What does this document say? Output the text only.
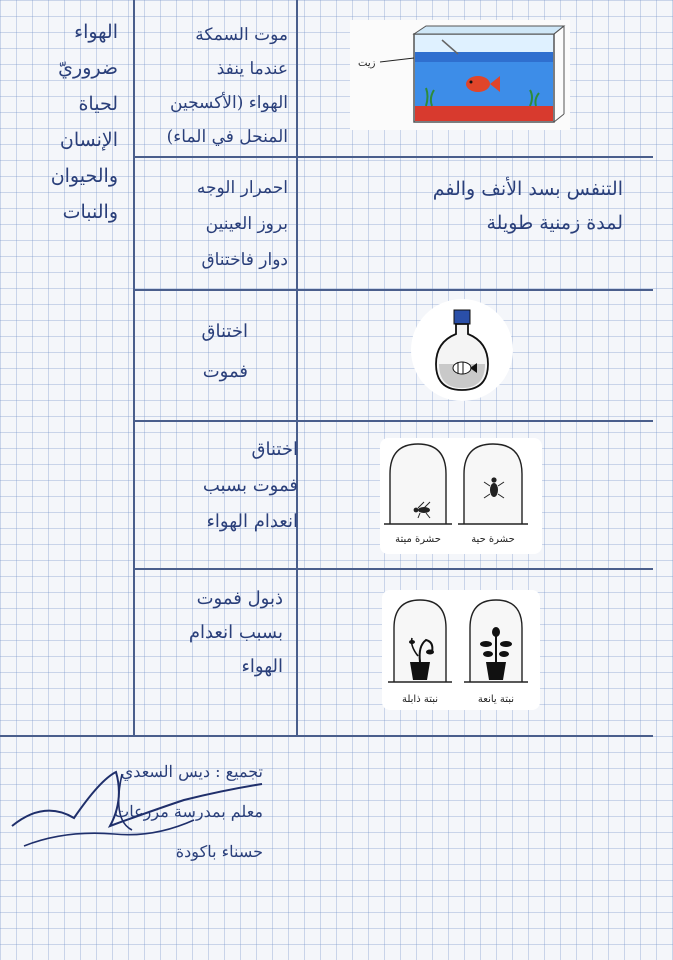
الهواء
ضروريّ
لحياة
الإنسان
والحيوان
والنبات
موت السمكة
عندما ينفذ
الهواء (الأكسجين
المنحل في الماء)
زيت
احمرار الوجه
بروز العينين
دوار فاختناق
التنفس بسد الأنف والفم
لمدة زمنية طويلة
اختناق
فموت
اختناق
فموت بسبب
انعدام الهواء
حشرة ميتة	حشرة حية
ذبول فموت
بسبب انعدام
الهواء
نبتة ذابلة	نبتة يانعة
تجميع : ديس السعدي
معلم بمدرسة مزرعات
حسناء باكودة
